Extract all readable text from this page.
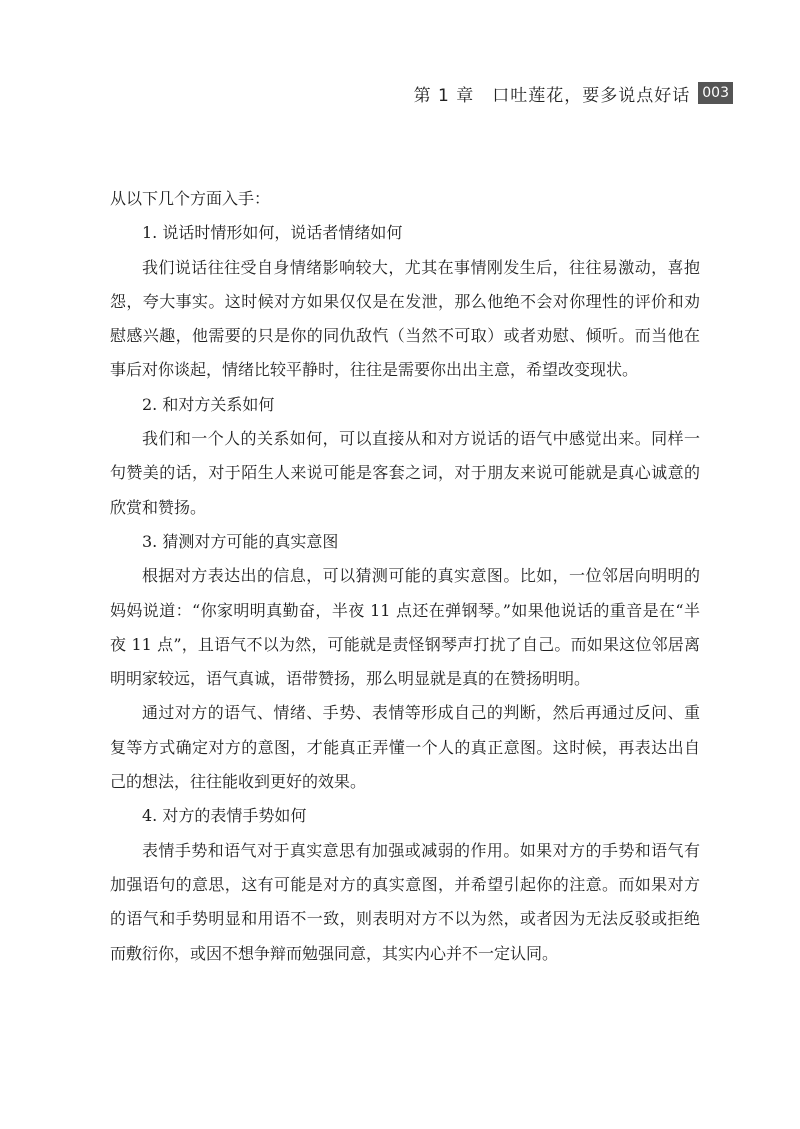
第 1 章　口吐莲花，要多说点好话 003

从以下几个方面入手：

1. 说话时情形如何，说话者情绪如何

我们说话往往受自身情绪影响较大，尤其在事情刚发生后，往往易激动，喜抱怨，夸大事实。这时候对方如果仅仅是在发泄，那么他绝不会对你理性的评价和劝慰感兴趣，他需要的只是你的同仇敌忾（当然不可取）或者劝慰、倾听。而当他在事后对你谈起，情绪比较平静时，往往是需要你出出主意，希望改变现状。

2. 和对方关系如何

我们和一个人的关系如何，可以直接从和对方说话的语气中感觉出来。同样一句赞美的话，对于陌生人来说可能是客套之词，对于朋友来说可能就是真心诚意的欣赏和赞扬。

3. 猜测对方可能的真实意图

根据对方表达出的信息，可以猜测可能的真实意图。比如，一位邻居向明明的妈妈说道：“你家明明真勤奋，半夜 11 点还在弹钢琴。”如果他说话的重音是在“半夜 11 点”，且语气不以为然，可能就是责怪钢琴声打扰了自己。而如果这位邻居离明明家较远，语气真诚，语带赞扬，那么明显就是真的在赞扬明明。

通过对方的语气、情绪、手势、表情等形成自己的判断，然后再通过反问、重复等方式确定对方的意图，才能真正弄懂一个人的真正意图。这时候，再表达出自己的想法，往往能收到更好的效果。

4. 对方的表情手势如何

表情手势和语气对于真实意思有加强或减弱的作用。如果对方的手势和语气有加强语句的意思，这有可能是对方的真实意图，并希望引起你的注意。而如果对方的语气和手势明显和用语不一致，则表明对方不以为然，或者因为无法反驳或拒绝而敷衍你，或因不想争辩而勉强同意，其实内心并不一定认同。
